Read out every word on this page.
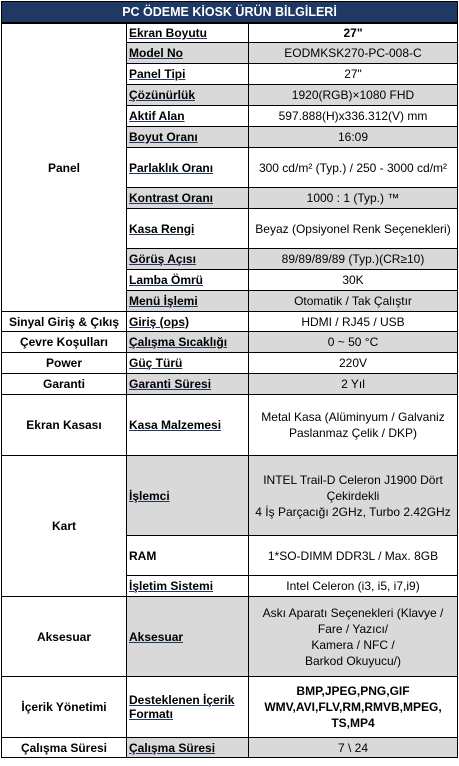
PC ÖDEME KİOSK ÜRÜN BİLGİLERİ
Panel	Ekran Boyutu	27"
	Model No	EODMKSK270-PC-008-C
	Panel Tipi	27"
	Çözünürlük	1920(RGB)×1080 FHD
	Aktif Alan	597.888(H)x336.312(V) mm
	Boyut Oranı	16:09
	Parlaklık Oranı	300 cd/m² (Typ.) / 250 - 3000 cd/m²
	Kontrast Oranı	1000 : 1 (Typ.) ™
	Kasa Rengi	Beyaz (Opsiyonel Renk Seçenekleri)
	Görüş Açısı	89/89/89/89 (Typ.)(CR≥10)
	Lamba Ömrü	30K
	Menü İşlemi	Otomatik / Tak Çalıştır
Sinyal Giriş & Çıkış	Giriş (ops)	HDMI / RJ45 / USB
Çevre Koşulları	Çalışma Sıcaklığı	0 ~ 50 °C
Power	Güç Türü	220V
Garanti	Garanti Süresi	2 Yıl
Ekran Kasası	Kasa Malzemesi	Metal Kasa (Alüminyum / Galvaniz
Paslanmaz Çelik / DKP)
Kart	İşlemci	INTEL Trail-D Celeron J1900 Dört Çekirdekli
4 İş Parçacığı 2GHz, Turbo 2.42GHz
	RAM	1*SO-DIMM DDR3L / Max. 8GB
	İşletim Sistemi	Intel Celeron (i3, i5, i7,i9)
Aksesuar	Aksesuar	Askı Aparatı Seçenekleri (Klavye / Fare / Yazıcı/
Kamera / NFC /
Barkod Okuyucu/)
İçerik Yönetimi	Desteklenen İçerik Formatı	BMP,JPEG,PNG,GIF
WMV,AVI,FLV,RM,RMVB,MPEG,
TS,MP4
Çalışma Süresi	Çalışma Süresi	7 \ 24
